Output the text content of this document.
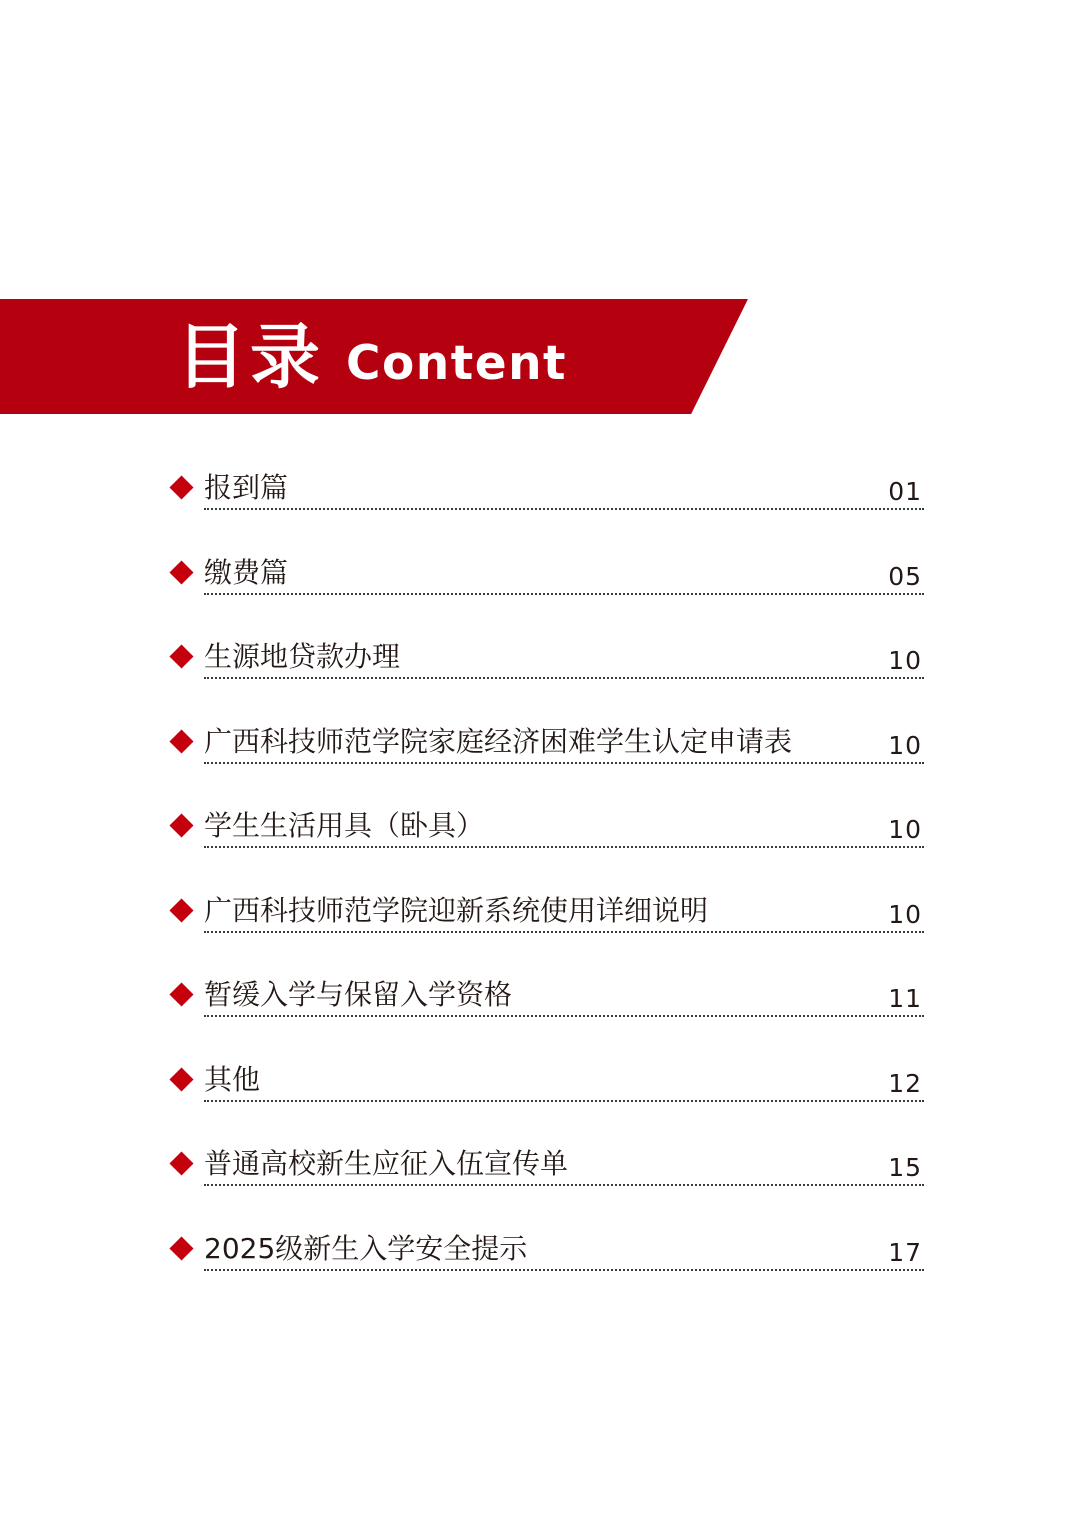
目录 Content
报到篇	01
缴费篇	05
生源地贷款办理	10
广西科技师范学院家庭经济困难学生认定申请表	10
学生生活用具（卧具）	10
广西科技师范学院迎新系统使用详细说明	10
暂缓入学与保留入学资格	11
其他	12
普通高校新生应征入伍宣传单	15
2025级新生入学安全提示	17
